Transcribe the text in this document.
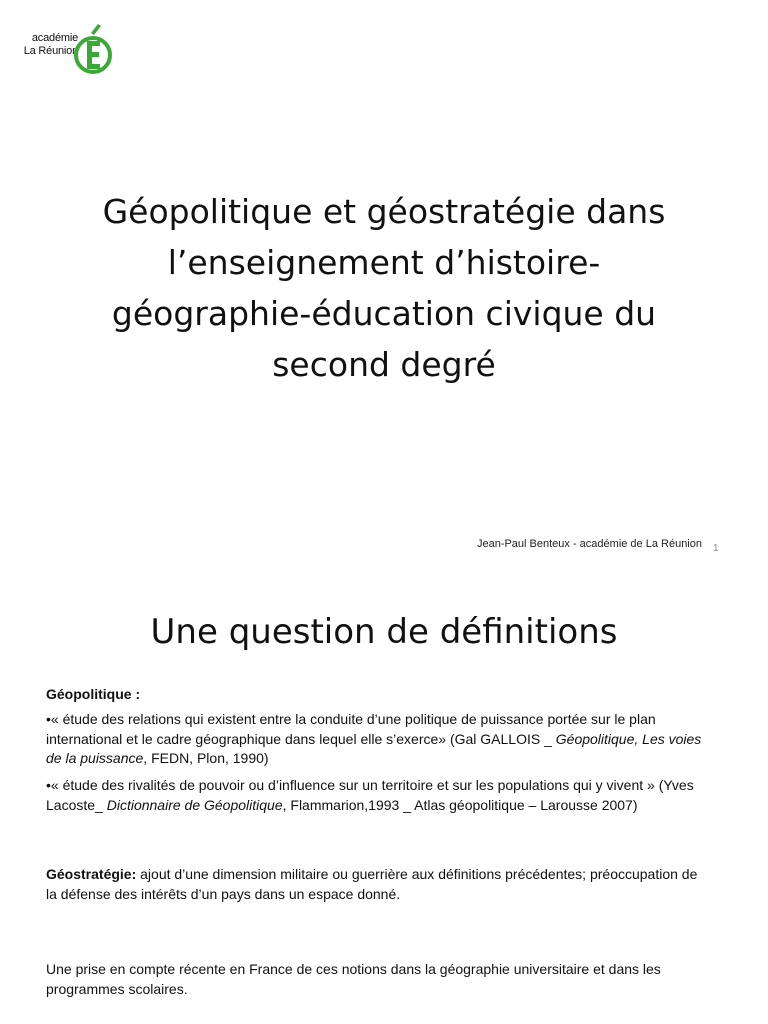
académie
La Réunion
Géopolitique et géostratégie dans
l’enseignement d’histoire-
géographie-éducation civique du
second degré
Jean-Paul Benteux - académie de La Réunion 1
Une question de définitions
Géopolitique :
•« étude des relations qui existent entre la conduite d’une politique de puissance portée sur le plan international et le cadre géographique dans lequel elle s’exerce» (Gal GALLOIS _ Géopolitique, Les voies de la puissance, FEDN, Plon, 1990)
•« étude des rivalités de pouvoir ou d’influence sur un territoire et sur les populations qui y vivent » (Yves Lacoste_ Dictionnaire de Géopolitique, Flammarion,1993 _ Atlas géopolitique – Larousse 2007)
Géostratégie: ajout d’une dimension militaire ou guerrière aux définitions précédentes; préoccupation de la défense des intérêts d’un pays dans un espace donné.
Une prise en compte récente en France de ces notions dans la géographie universitaire et dans les programmes scolaires.
